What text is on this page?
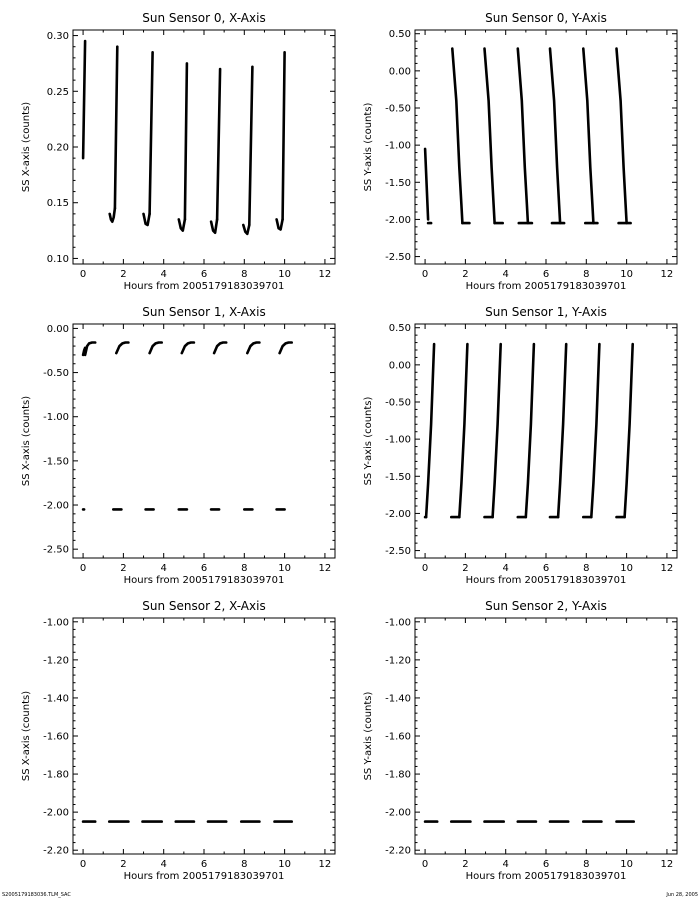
Sun Sensor 0, X-Axis
0	2	4	6	8	10	12
0.10
0.15
0.20
0.25
0.30
Hours from 2005179183039701
SS X-axis (counts)
Sun Sensor 0, Y-Axis
0	2	4	6	8	10	12
-2.50
-2.00
-1.50
-1.00
-0.50
0.00
0.50
Hours from 2005179183039701
SS Y-axis (counts)
Sun Sensor 1, X-Axis
0	2	4	6	8	10	12
-2.50
-2.00
-1.50
-1.00
-0.50
0.00
Hours from 2005179183039701
SS X-axis (counts)
Sun Sensor 1, Y-Axis
0	2	4	6	8	10	12
-2.50
-2.00
-1.50
-1.00
-0.50
0.00
0.50
Hours from 2005179183039701
SS Y-axis (counts)
Sun Sensor 2, X-Axis
0	2	4	6	8	10	12
-2.20
-2.00
-1.80
-1.60
-1.40
-1.20
-1.00
Hours from 2005179183039701
SS X-axis (counts)
Sun Sensor 2, Y-Axis
0	2	4	6	8	10	12
-2.20
-2.00
-1.80
-1.60
-1.40
-1.20
-1.00
Hours from 2005179183039701
SS Y-axis (counts)
S2005179183036.TLM_SAC	Jun 28, 2005
